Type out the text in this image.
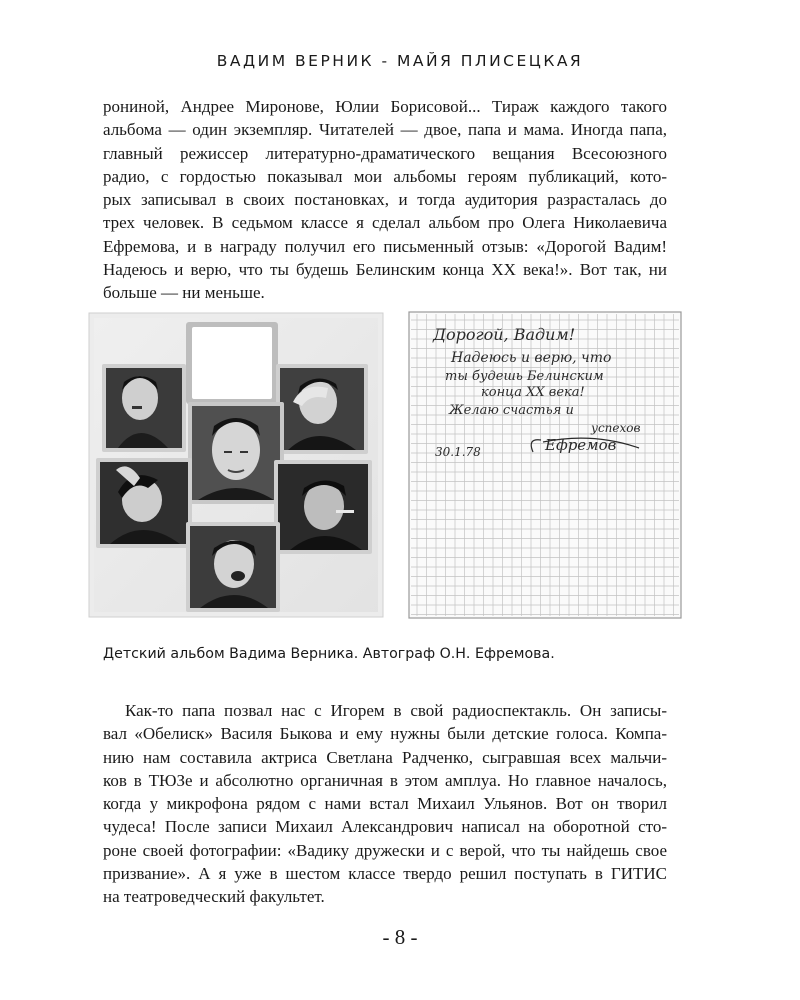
ВАДИМ ВЕРНИК - МАЙЯ ПЛИСЕЦКАЯ
рониной, Андрее Миронове, Юлии Борисовой... Тираж каждого такого
альбома — один экземпляр. Читателей — двое, папа и мама. Иногда папа,
главный режиссер литературно-драматического вещания Всесоюзного
радио, с гордостью показывал мои альбомы героям публикаций, кото-
рых записывал в своих постановках, и тогда аудитория разрасталась до
трех человек. В седьмом классе я сделал альбом про Олега Николаевича
Ефремова, и в награду получил его письменный отзыв: «Дорогой Вадим!
Надеюсь и верю, что ты будешь Белинским конца XX века!». Вот так, ни
больше — ни меньше.
Дорогой, Вадим!
Надеюсь и верю, что
ты будешь Белинским
конца XX века!
Желаю счастья и
успехов
30.1.78	Ефремов

Детский альбом Вадима Верника. Автограф О.Н. Ефремова.

Как-то папа позвал нас с Игорем в свой радиоспектакль. Он записы-
вал «Обелиск» Василя Быкова и ему нужны были детские голоса. Компа-
нию нам составила актриса Светлана Радченко, сыгравшая всех мальчи-
ков в ТЮЗе и абсолютно органичная в этом амплуа. Но главное началось,
когда у микрофона рядом с нами встал Михаил Ульянов. Вот он творил
чудеса! После записи Михаил Александрович написал на оборотной сто-
роне своей фотографии: «Вадику дружески и с верой, что ты найдешь свое
призвание». А я уже в шестом классе твердо решил поступать в ГИТИС
на театроведческий факультет.
- 8 -
